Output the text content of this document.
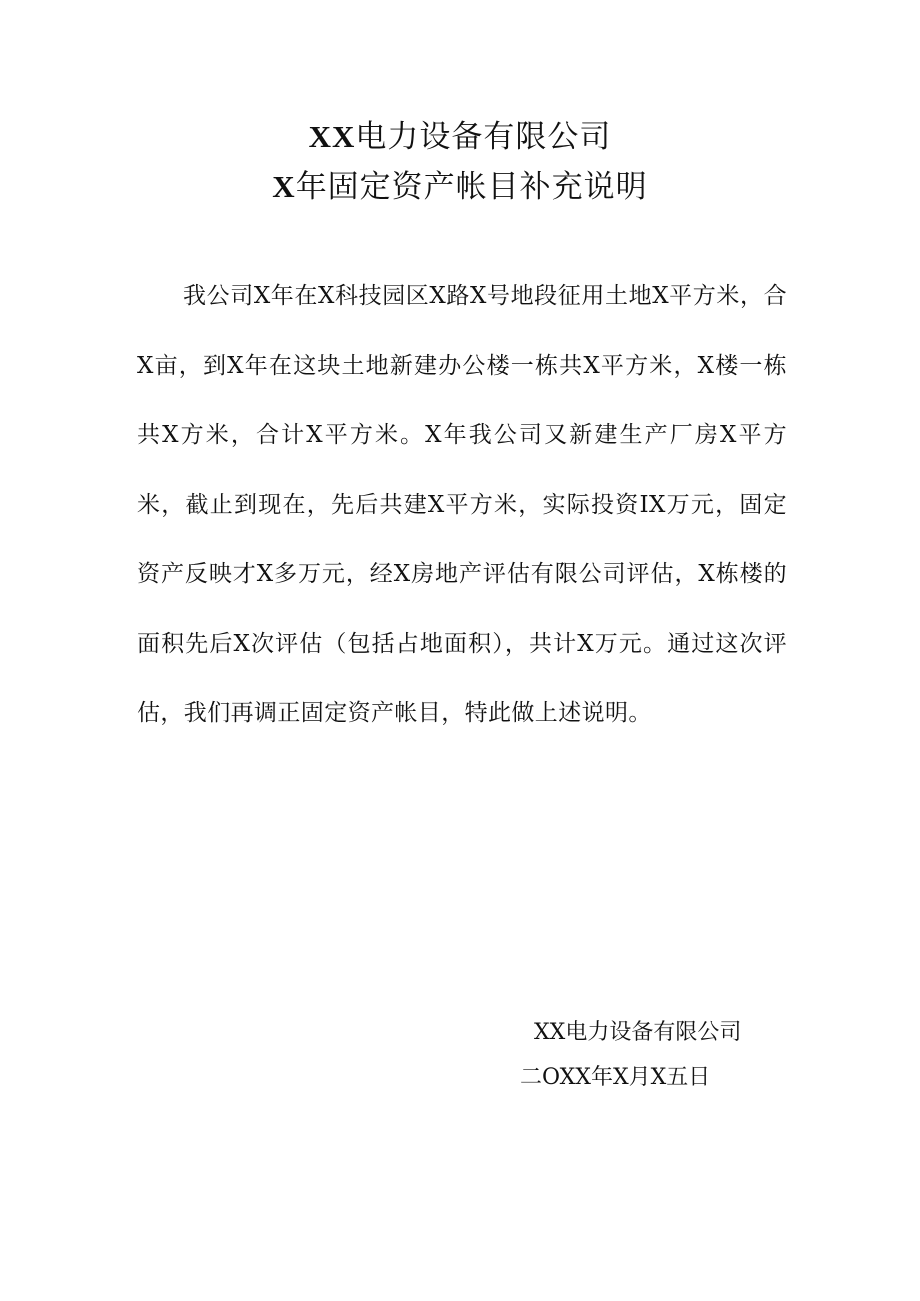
XX电力设备有限公司
X年固定资产帐目补充说明

我公司X年在X科技园区X路X号地段征用土地X平方米，合X亩，到X年在这块土地新建办公楼一栋共X平方米，X楼一栋共X方米，合计X平方米。X年我公司又新建生产厂房X平方米，截止到现在，先后共建X平方米，实际投资IX万元，固定资产反映才X多万元，经X房地产评估有限公司评估，X栋楼的面积先后X次评估（包括占地面积），共计X万元。通过这次评估，我们再调正固定资产帐目，特此做上述说明。

XX电力设备有限公司
二OXX年X月X五日
